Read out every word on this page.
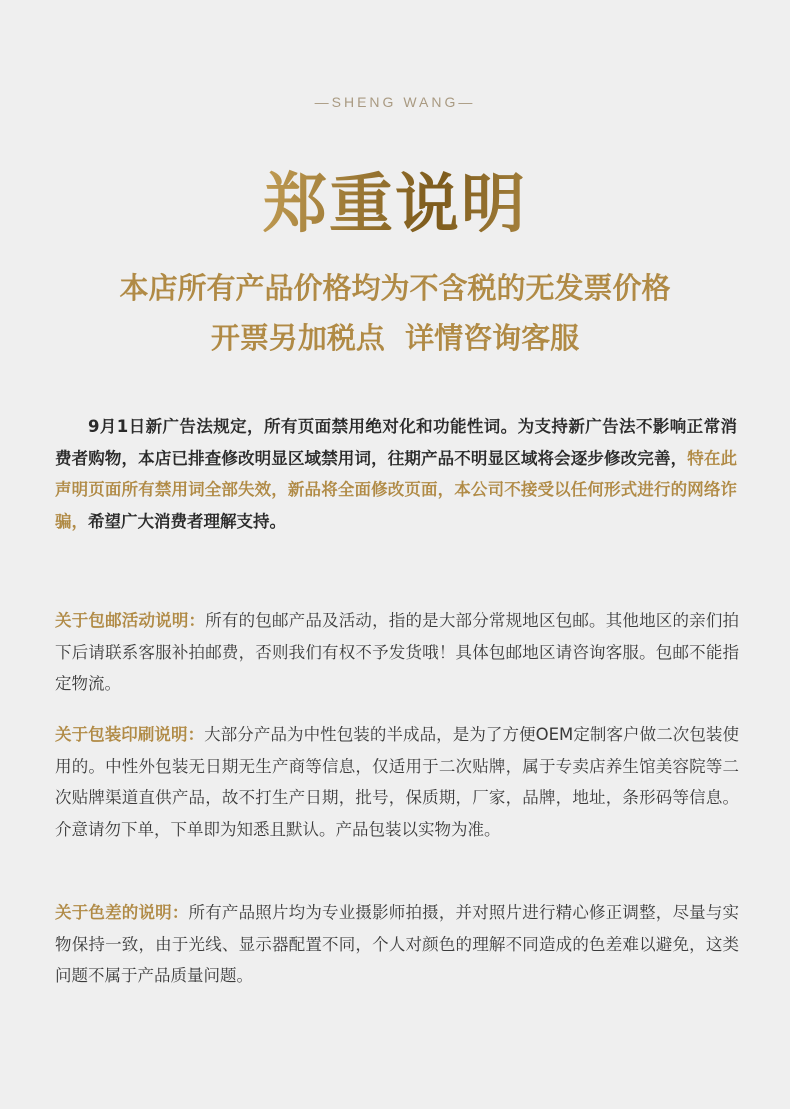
—SHENG WANG—
郑重说明
本店所有产品价格均为不含税的无发票价格
开票另加税点  详情咨询客服
9月1日新广告法规定，所有页面禁用绝对化和功能性词。为支持新广告法不影响正常消费者购物，本店已排查修改明显区域禁用词，往期产品不明显区域将会逐步修改完善，特在此声明页面所有禁用词全部失效，新品将全面修改页面，本公司不接受以任何形式进行的网络诈骗，希望广大消费者理解支持。
关于包邮活动说明：所有的包邮产品及活动，指的是大部分常规地区包邮。其他地区的亲们拍下后请联系客服补拍邮费，否则我们有权不予发货哦！具体包邮地区请咨询客服。包邮不能指定物流。
关于包装印刷说明：大部分产品为中性包装的半成品，是为了方便OEM定制客户做二次包装使用的。中性外包装无日期无生产商等信息，仅适用于二次贴牌，属于专卖店养生馆美容院等二次贴牌渠道直供产品，故不打生产日期，批号，保质期，厂家，品牌，地址，条形码等信息。介意请勿下单，下单即为知悉且默认。产品包装以实物为准。
关于色差的说明：所有产品照片均为专业摄影师拍摄，并对照片进行精心修正调整，尽量与实物保持一致，由于光线、显示器配置不同，个人对颜色的理解不同造成的色差难以避免，这类问题不属于产品质量问题。
